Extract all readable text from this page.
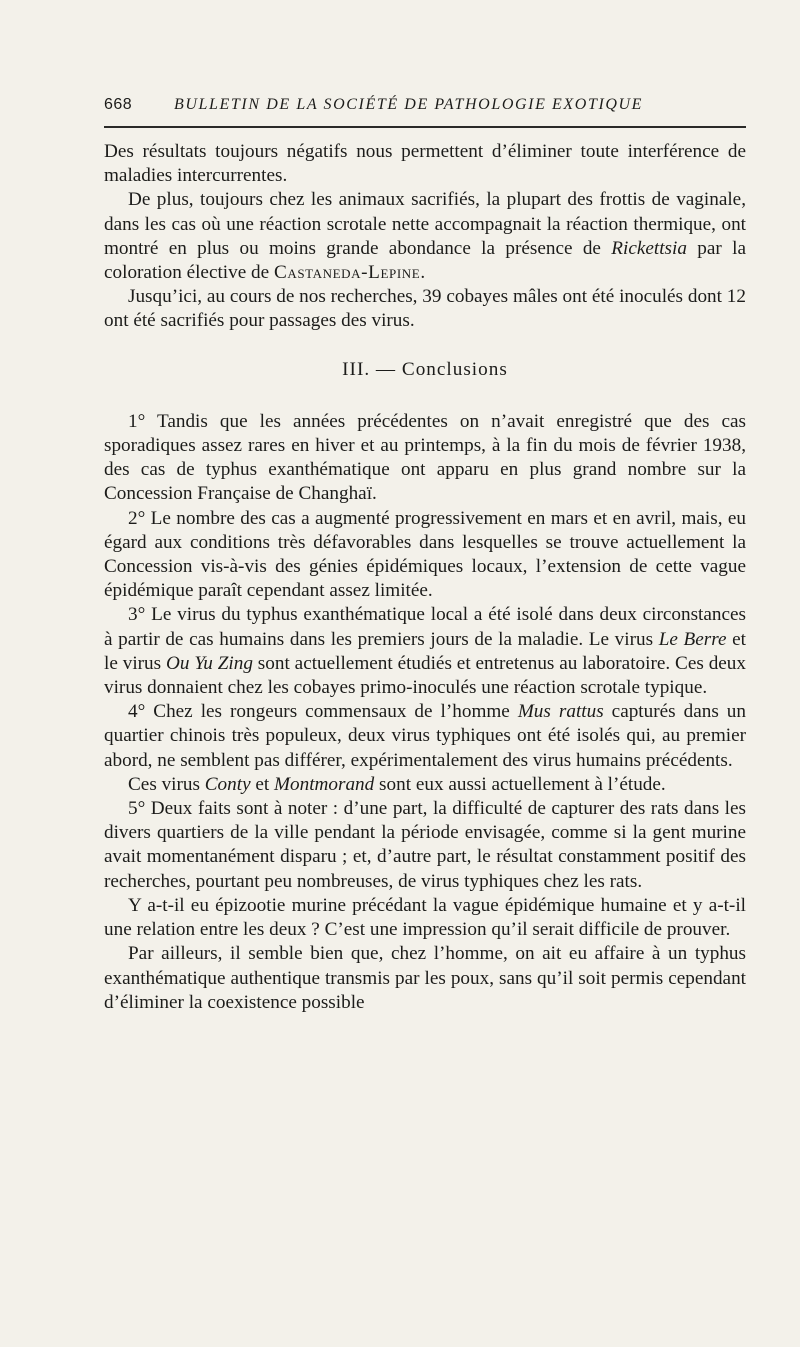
668	BULLETIN DE LA SOCIÉTÉ DE PATHOLOGIE EXOTIQUE

Des résultats toujours négatifs nous permettent d’éliminer toute interférence de maladies intercurrentes.

De plus, toujours chez les animaux sacrifiés, la plupart des frottis de vaginale, dans les cas où une réaction scrotale nette accompagnait la réaction thermique, ont montré en plus ou moins grande abondance la présence de Rickettsia par la coloration élective de Castaneda-Lepine.

Jusqu’ici, au cours de nos recherches, 39 cobayes mâles ont été inoculés dont 12 ont été sacrifiés pour passages des virus.

III. — Conclusions

1° Tandis que les années précédentes on n’avait enregistré que des cas sporadiques assez rares en hiver et au printemps, à la fin du mois de février 1938, des cas de typhus exanthématique ont apparu en plus grand nombre sur la Concession Française de Changhaï.

2° Le nombre des cas a augmenté progressivement en mars et en avril, mais, eu égard aux conditions très défavorables dans lesquelles se trouve actuellement la Concession vis-à-vis des génies épidémiques locaux, l’extension de cette vague épidémique paraît cependant assez limitée.

3° Le virus du typhus exanthématique local a été isolé dans deux circonstances à partir de cas humains dans les premiers jours de la maladie. Le virus Le Berre et le virus Ou Yu Zing sont actuellement étudiés et entretenus au laboratoire. Ces deux virus donnaient chez les cobayes primo-inoculés une réaction scrotale typique.

4° Chez les rongeurs commensaux de l’homme Mus rattus capturés dans un quartier chinois très populeux, deux virus typhiques ont été isolés qui, au premier abord, ne semblent pas différer, expérimentalement des virus humains précédents.

Ces virus Conty et Montmorand sont eux aussi actuellement à l’étude.

5° Deux faits sont à noter : d’une part, la difficulté de capturer des rats dans les divers quartiers de la ville pendant la période envisagée, comme si la gent murine avait momentanément disparu ; et, d’autre part, le résultat constamment positif des recherches, pourtant peu nombreuses, de virus typhiques chez les rats.

Y a-t-il eu épizootie murine précédant la vague épidémique humaine et y a-t-il une relation entre les deux ? C’est une impression qu’il serait difficile de prouver.

Par ailleurs, il semble bien que, chez l’homme, on ait eu affaire à un typhus exanthématique authentique transmis par les poux, sans qu’il soit permis cependant d’éliminer la coexistence possible
